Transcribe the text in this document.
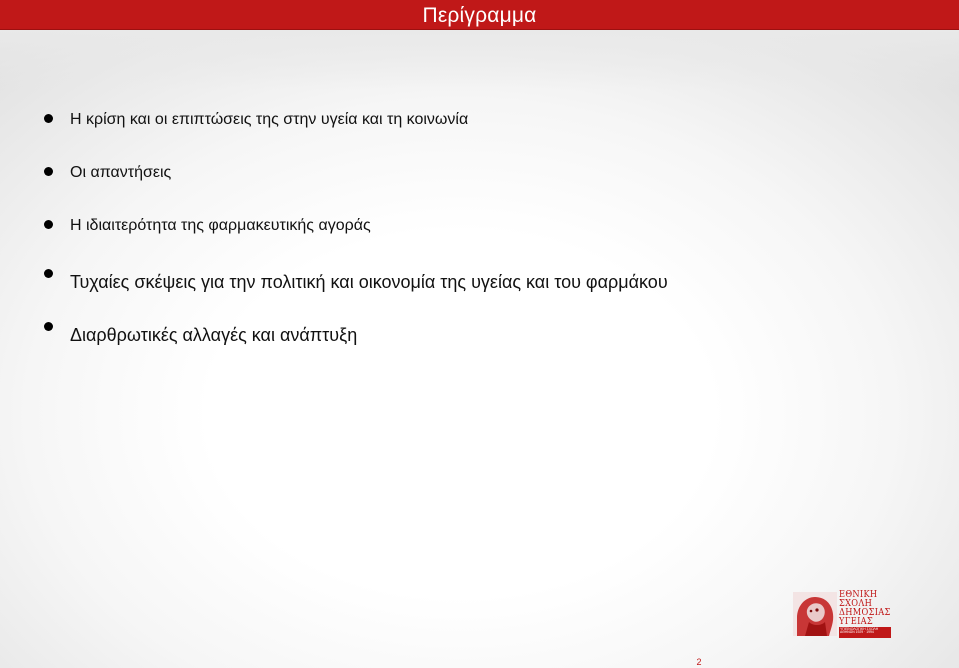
Περίγραμμα
Η κρίση και οι επιπτώσεις της στην υγεία και τη κοινωνία
Οι απαντήσεις
Η ιδιαιτερότητα της φαρμακευτικής αγοράς
Τυχαίες σκέψεις για την πολιτική και οικονομία της υγείας και του φαρμάκου
Διαρθρωτικές αλλαγές και ανάπτυξη
ΕΘΝΙΚΗ
ΣΧΟΛΗ
ΔΗΜΟΣΙΑΣ
ΥΓΕΙΑΣ
ΥΓΙΕΙΝΟΛΟΓΙΚΗ ΣΧΟΛΗ
ΑΘΗΝΩΝ 1929 · 1994
2
